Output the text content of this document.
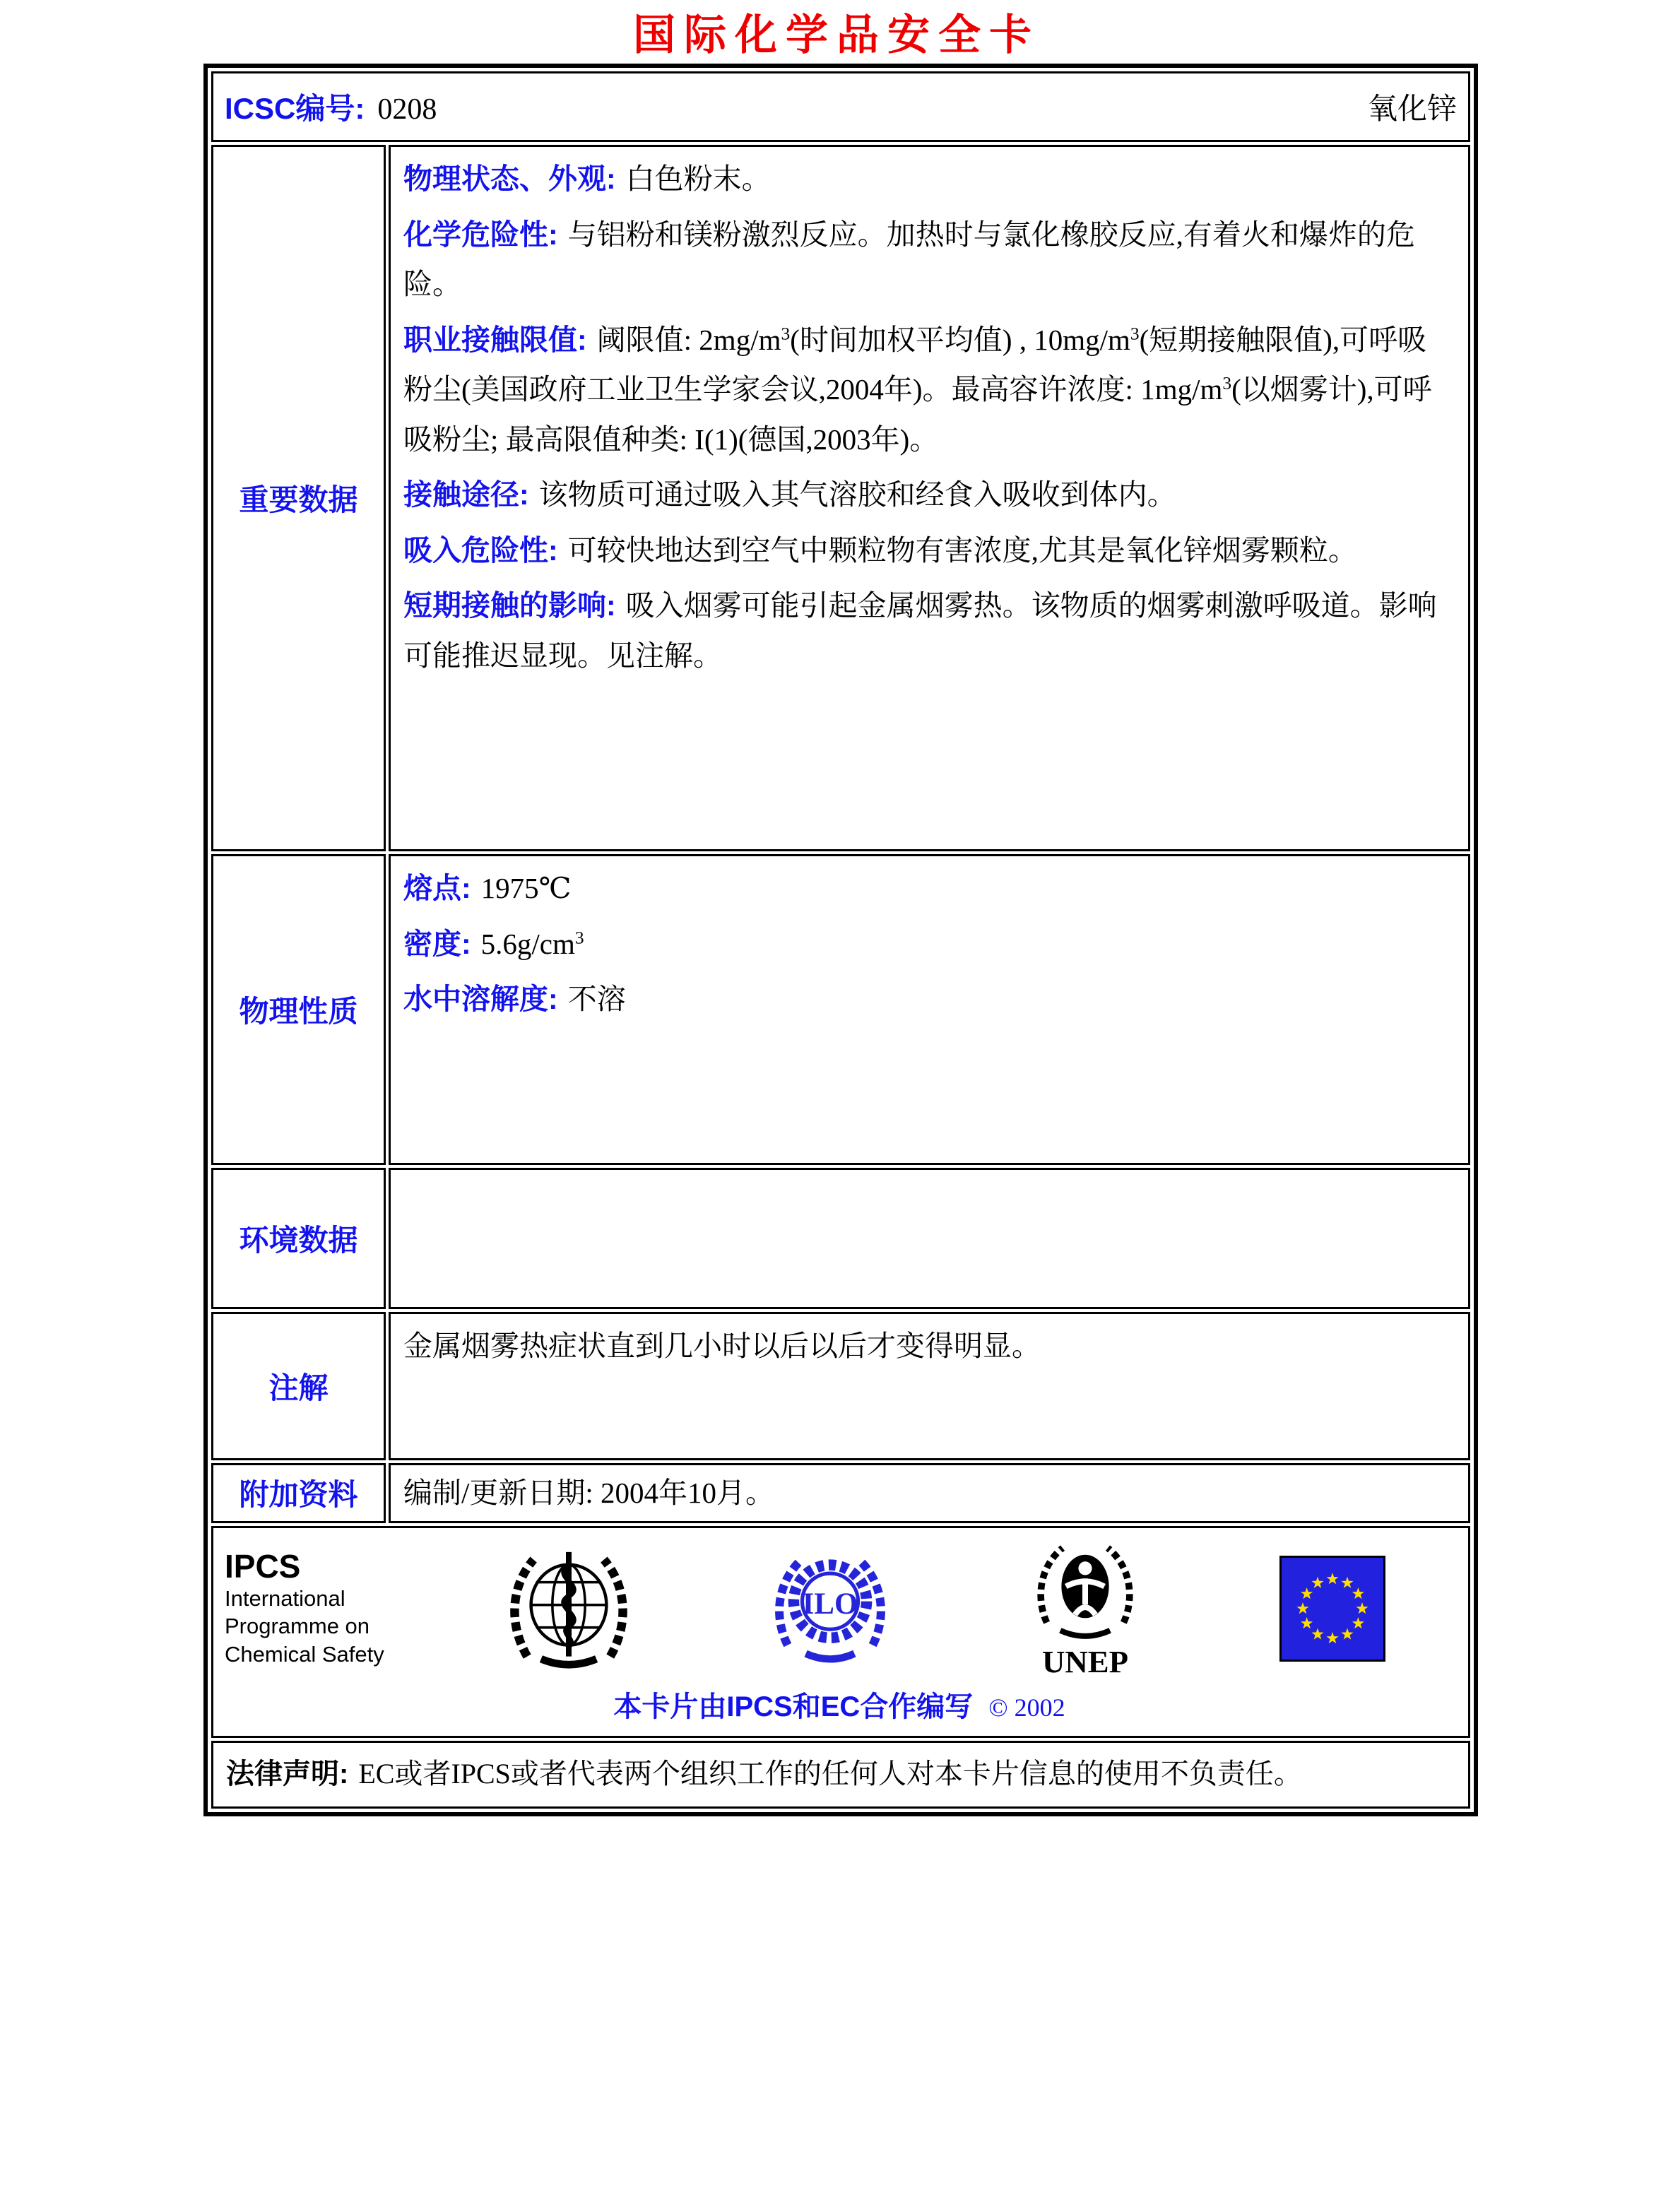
国际化学品安全卡
ICSC编号: 0208	氧化锌
重要数据

物理状态、外观: 白色粉末。

化学危险性: 与铝粉和镁粉激烈反应。加热时与氯化橡胶反应,有着火和爆炸的危险。

职业接触限值: 阈限值: $2mg/m^3$(时间加权平均值) , $10mg/m^3$(短期接触限值),可呼吸粉尘(美国政府工业卫生学家会议,2004年)。最高容许浓度: $1mg/m^3$(以烟雾计),可呼吸粉尘; 最高限值种类: I(1)(德国,2003年)。

接触途径: 该物质可通过吸入其气溶胶和经食入吸收到体内。

吸入危险性: 可较快地达到空气中颗粒物有害浓度,尤其是氧化锌烟雾颗粒。

短期接触的影响: 吸入烟雾可能引起金属烟雾热。该物质的烟雾刺激呼吸道。影响可能推迟显现。见注解。

物理性质

熔点: 1975℃

密度: $5.6g/cm^3$

水中溶解度: 不溶

环境数据
注解
金属烟雾热症状直到几小时以后以后才变得明显。
附加资料	编制/更新日期: 2004年10月。
IPCS
International
Programme on
Chemical Safety
ILO
UNEP
本卡片由IPCS和EC合作编写 © 2002
法律声明: EC或者IPCS或者代表两个组织工作的任何人对本卡片信息的使用不负责任。
